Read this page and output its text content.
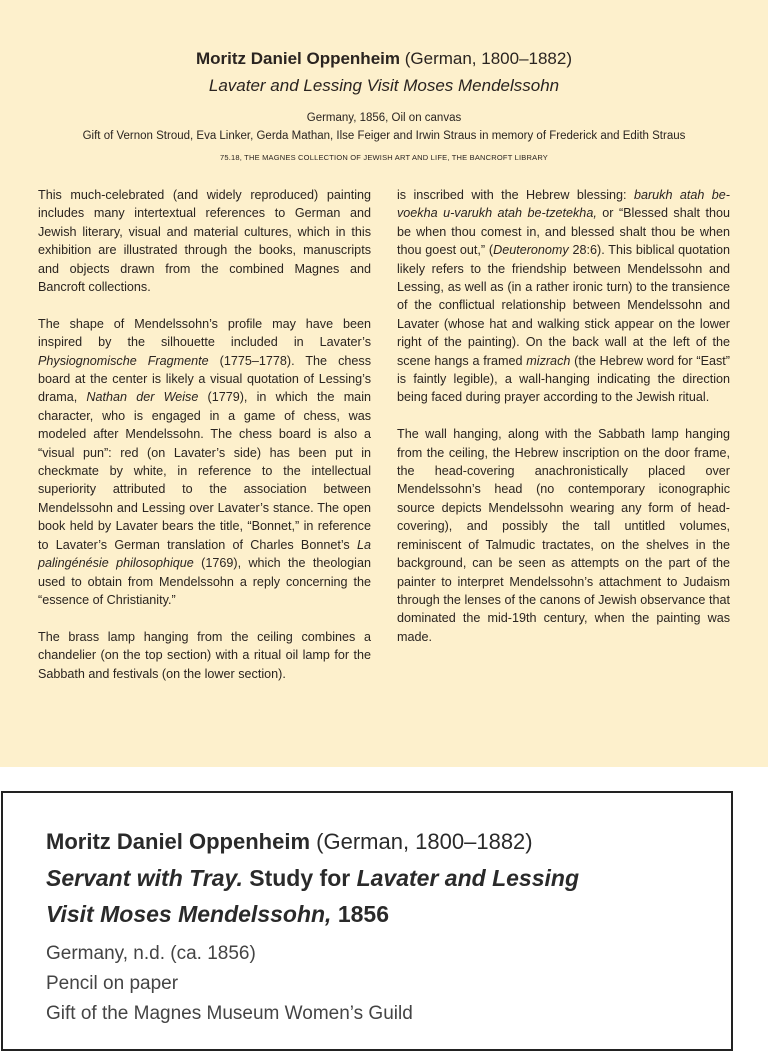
Moritz Daniel Oppenheim (German, 1800–1882)
Lavater and Lessing Visit Moses Mendelssohn
Germany, 1856, Oil on canvas
Gift of Vernon Stroud, Eva Linker, Gerda Mathan, Ilse Feiger and Irwin Straus in memory of Frederick and Edith Straus
75.18, THE MAGNES COLLECTION OF JEWISH ART AND LIFE, THE BANCROFT LIBRARY

This much-celebrated (and widely reproduced) painting includes many intertextual references to German and Jewish literary, visual and material cultures, which in this exhibition are illustrated through the books, manuscripts and objects drawn from the combined Magnes and Bancroft collections.

The shape of Mendelssohn’s profile may have been inspired by the silhouette included in Lavater’s Physiognomische Fragmente (1775–1778). The chess board at the center is likely a visual quotation of Lessing’s drama, Nathan der Weise (1779), in which the main character, who is engaged in a game of chess, was modeled after Mendelssohn. The chess board is also a “visual pun”: red (on Lavater’s side) has been put in checkmate by white, in reference to the intellectual superiority attributed to the association between Mendelssohn and Lessing over Lavater’s stance. The open book held by Lavater bears the title, “Bonnet,” in reference to Lavater’s German translation of Charles Bonnet’s La palingénésie philosophique (1769), which the theologian used to obtain from Mendelssohn a reply concerning the “essence of Christianity.”

The brass lamp hanging from the ceiling combines a chandelier (on the top section) with a ritual oil lamp for the Sabbath and festivals (on the lower section).

is inscribed with the Hebrew blessing: barukh atah be-voekha u-varukh atah be-tzetekha, or “Blessed shalt thou be when thou comest in, and blessed shalt thou be when thou goest out,” (Deuteronomy 28:6). This biblical quotation likely refers to the friendship between Mendelssohn and Lessing, as well as (in a rather ironic turn) to the transience of the conflictual relationship between Mendelssohn and Lavater (whose hat and walking stick appear on the lower right of the painting). On the back wall at the left of the scene hangs a framed mizrach (the Hebrew word for “East” is faintly legible), a wall-hanging indicating the direction being faced during prayer according to the Jewish ritual.

The wall hanging, along with the Sabbath lamp hanging from the ceiling, the Hebrew inscription on the door frame, the head-covering anachronistically placed over Mendelssohn’s head (no contemporary iconographic source depicts Mendelssohn wearing any form of head-covering), and possibly the tall untitled volumes, reminiscent of Talmudic tractates, on the shelves in the background, can be seen as attempts on the part of the painter to interpret Mendelssohn’s attachment to Judaism through the lenses of the canons of Jewish observance that dominated the mid-19th century, when the painting was made.

Moritz Daniel Oppenheim (German, 1800–1882)
Servant with Tray. Study for Lavater and Lessing
Visit Moses Mendelssohn, 1856
Germany, n.d. (ca. 1856)
Pencil on paper
Gift of the Magnes Museum Women’s Guild
